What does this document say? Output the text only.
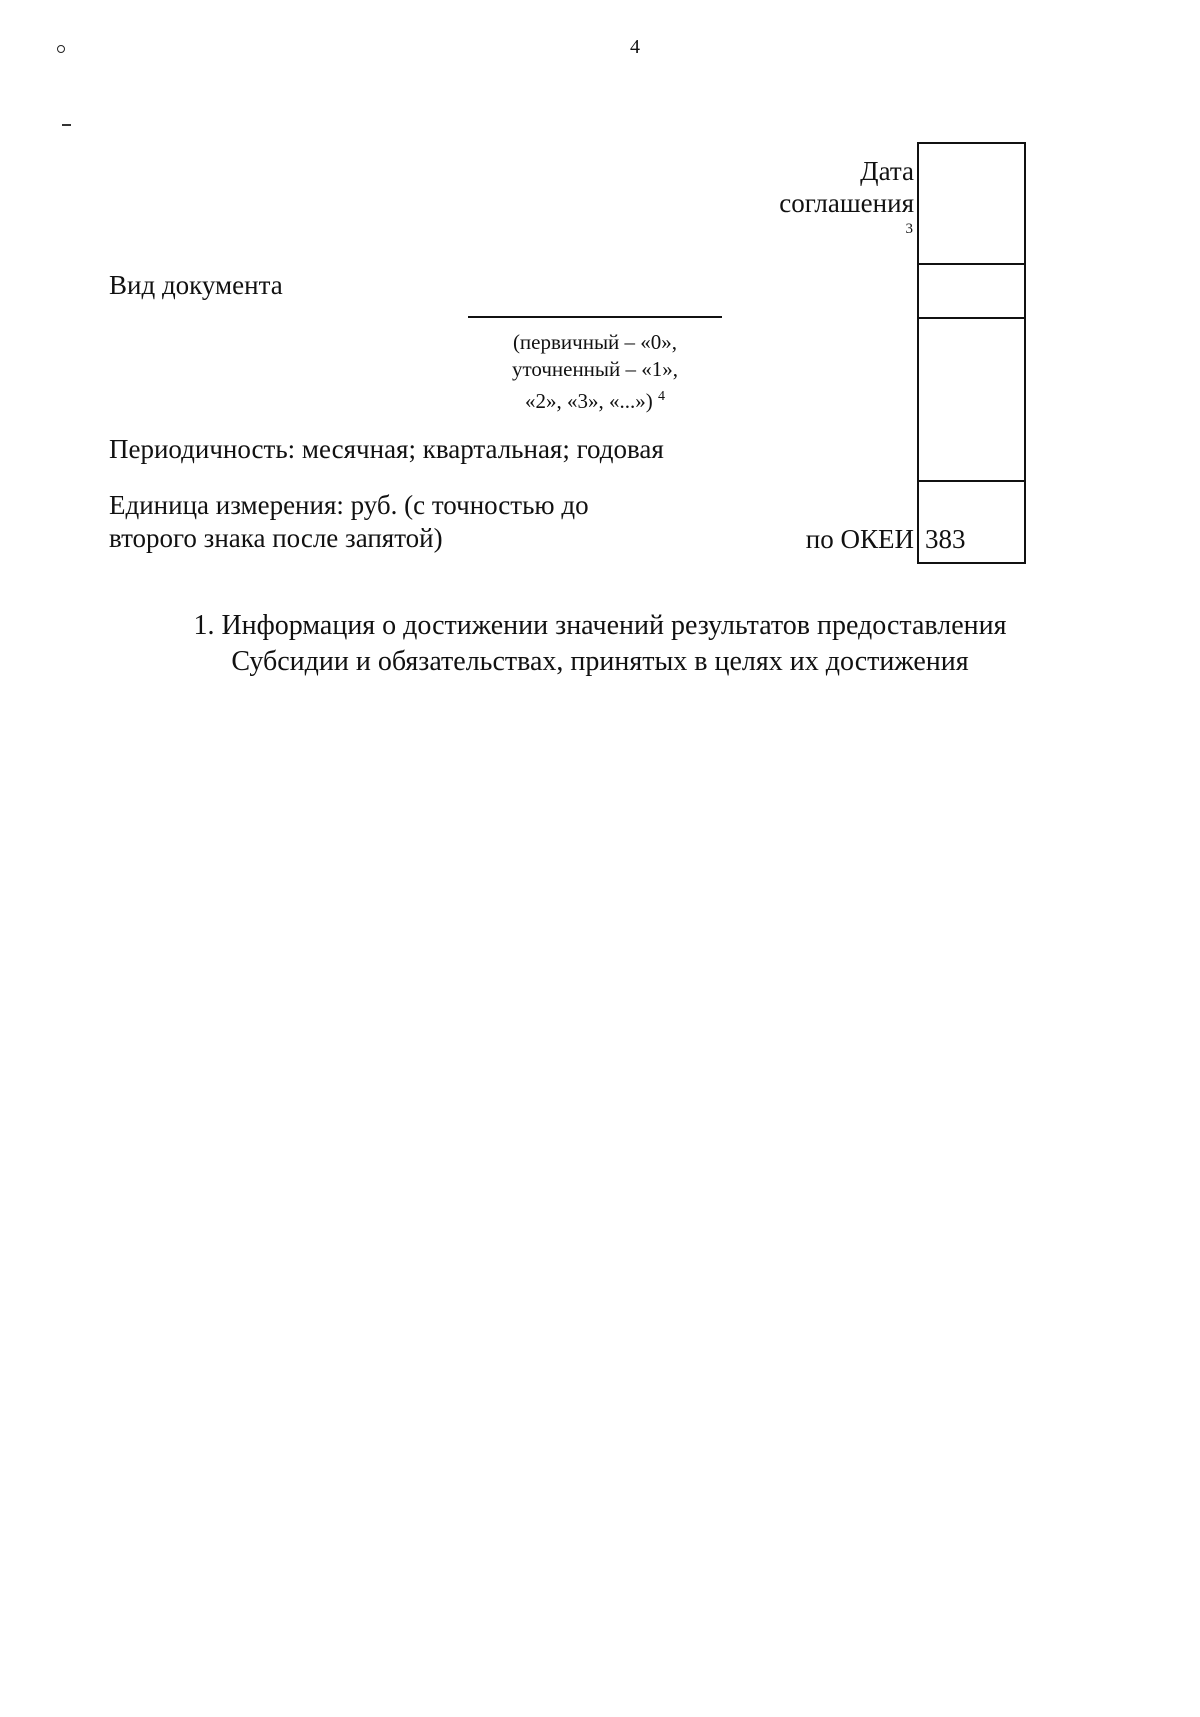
4
Дата
соглашения
3
Вид документа
(первичный – «0»,
уточненный – «1»,
«2», «3», «...») $^4$
Периодичность: месячная; квартальная; годовая
Единица измерения: руб. (с точностью до
второго знака после запятой)	по ОКЕИ 383
1. Информация о достижении значений результатов предоставления
Субсидии и обязательствах, принятых в целях их достижения
